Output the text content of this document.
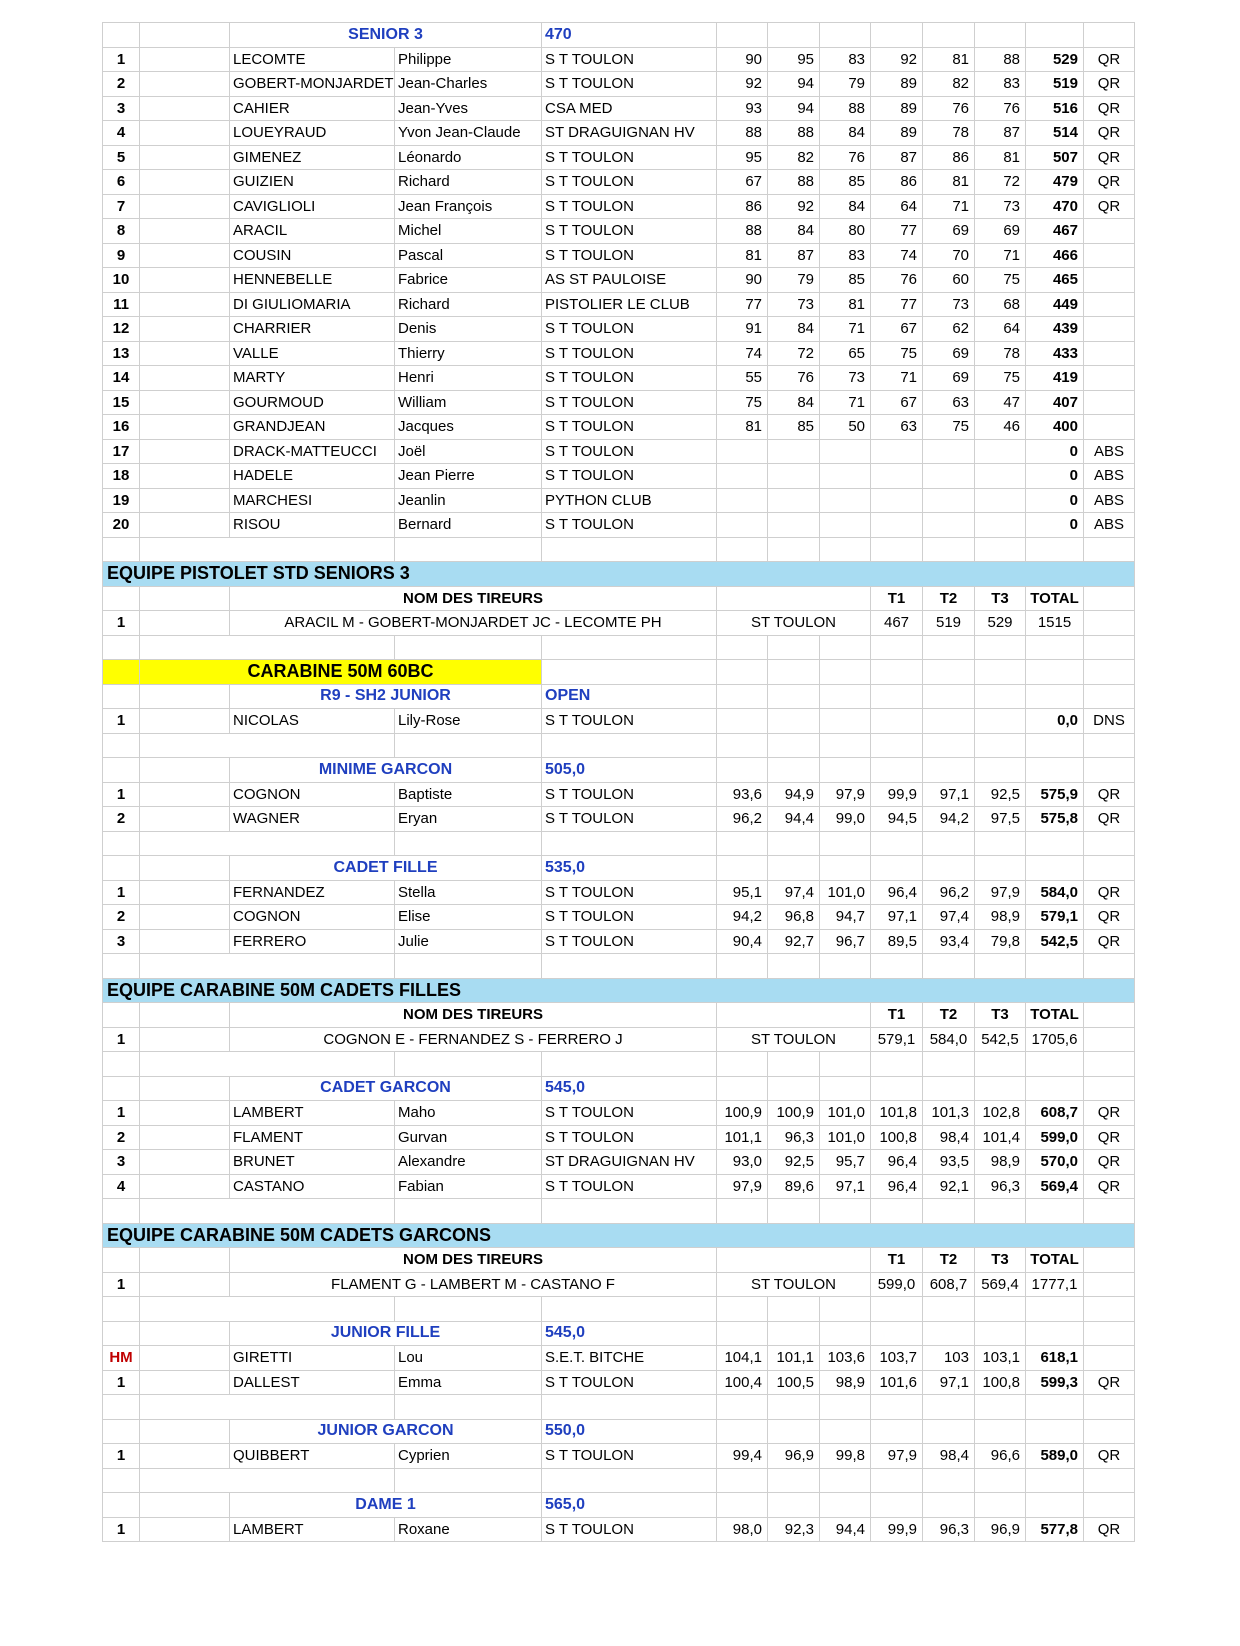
		SENIOR 3		470								
1		LECOMTE	Philippe	S T TOULON	90	95	83	92	81	88	529	QR
2		GOBERT-MONJARDET	Jean-Charles	S T TOULON	92	94	79	89	82	83	519	QR
3		CAHIER	Jean-Yves	CSA MED	93	94	88	89	76	76	516	QR
4		LOUEYRAUD	Yvon Jean-Claude	ST DRAGUIGNAN HV	88	88	84	89	78	87	514	QR
5		GIMENEZ	Léonardo	S T TOULON	95	82	76	87	86	81	507	QR
6		GUIZIEN	Richard	S T TOULON	67	88	85	86	81	72	479	QR
7		CAVIGLIOLI	Jean François	S T TOULON	86	92	84	64	71	73	470	QR
8		ARACIL	Michel	S T TOULON	88	84	80	77	69	69	467	
9		COUSIN	Pascal	S T TOULON	81	87	83	74	70	71	466	
10		HENNEBELLE	Fabrice	AS ST PAULOISE	90	79	85	76	60	75	465	
11		DI GIULIOMARIA	Richard	PISTOLIER LE CLUB	77	73	81	77	73	68	449	
12		CHARRIER	Denis	S T TOULON	91	84	71	67	62	64	439	
13		VALLE	Thierry	S T TOULON	74	72	65	75	69	78	433	
14		MARTY	Henri	S T TOULON	55	76	73	71	69	75	419	
15		GOURMOUD	William	S T TOULON	75	84	71	67	63	47	407	
16		GRANDJEAN	Jacques	S T TOULON	81	85	50	63	75	46	400	
17		DRACK-MATTEUCCI	Joël	S T TOULON							0	ABS
18		HADELE	Jean Pierre	S T TOULON							0	ABS
19		MARCHESI	Jeanlin	PYTHON CLUB							0	ABS
20		RISOU	Bernard	S T TOULON							0	ABS

EQUIPE PISTOLET STD SENIORS 3												
		NOM DES TIREURS						T1	T2	T3	TOTAL	
1		ARACIL M - GOBERT-MONJARDET JC - LECOMTE PH			ST TOULON			467	519	529	1515	

	CARABINE 50M 60BC											
		R9 - SH2 JUNIOR		OPEN								
1		NICOLAS	Lily-Rose	S T TOULON							0,0	DNS

		MINIME GARCON		505,0								
1		COGNON	Baptiste	S T TOULON	93,6	94,9	97,9	99,9	97,1	92,5	575,9	QR
2		WAGNER	Eryan	S T TOULON	96,2	94,4	99,0	94,5	94,2	97,5	575,8	QR

		CADET FILLE		535,0								
1		FERNANDEZ	Stella	S T TOULON	95,1	97,4	101,0	96,4	96,2	97,9	584,0	QR
2		COGNON	Elise	S T TOULON	94,2	96,8	94,7	97,1	97,4	98,9	579,1	QR
3		FERRERO	Julie	S T TOULON	90,4	92,7	96,7	89,5	93,4	79,8	542,5	QR

EQUIPE CARABINE 50M CADETS FILLES												
		NOM DES TIREURS						T1	T2	T3	TOTAL	
1		COGNON E - FERNANDEZ S - FERRERO J			ST TOULON			579,1	584,0	542,5	1705,6	

		CADET GARCON		545,0								
1		LAMBERT	Maho	S T TOULON	100,9	100,9	101,0	101,8	101,3	102,8	608,7	QR
2		FLAMENT	Gurvan	S T TOULON	101,1	96,3	101,0	100,8	98,4	101,4	599,0	QR
3		BRUNET	Alexandre	ST DRAGUIGNAN HV	93,0	92,5	95,7	96,4	93,5	98,9	570,0	QR
4		CASTANO	Fabian	S T TOULON	97,9	89,6	97,1	96,4	92,1	96,3	569,4	QR

EQUIPE CARABINE 50M CADETS GARCONS												
		NOM DES TIREURS						T1	T2	T3	TOTAL	
1		FLAMENT G - LAMBERT M - CASTANO F			ST TOULON			599,0	608,7	569,4	1777,1	

		JUNIOR FILLE		545,0								
HM		GIRETTI	Lou	S.E.T. BITCHE	104,1	101,1	103,6	103,7	103	103,1	618,1	
1		DALLEST	Emma	S T TOULON	100,4	100,5	98,9	101,6	97,1	100,8	599,3	QR

		JUNIOR GARCON		550,0								
1		QUIBBERT	Cyprien	S T TOULON	99,4	96,9	99,8	97,9	98,4	96,6	589,0	QR

		DAME 1		565,0								
1		LAMBERT	Roxane	S T TOULON	98,0	92,3	94,4	99,9	96,3	96,9	577,8	QR
